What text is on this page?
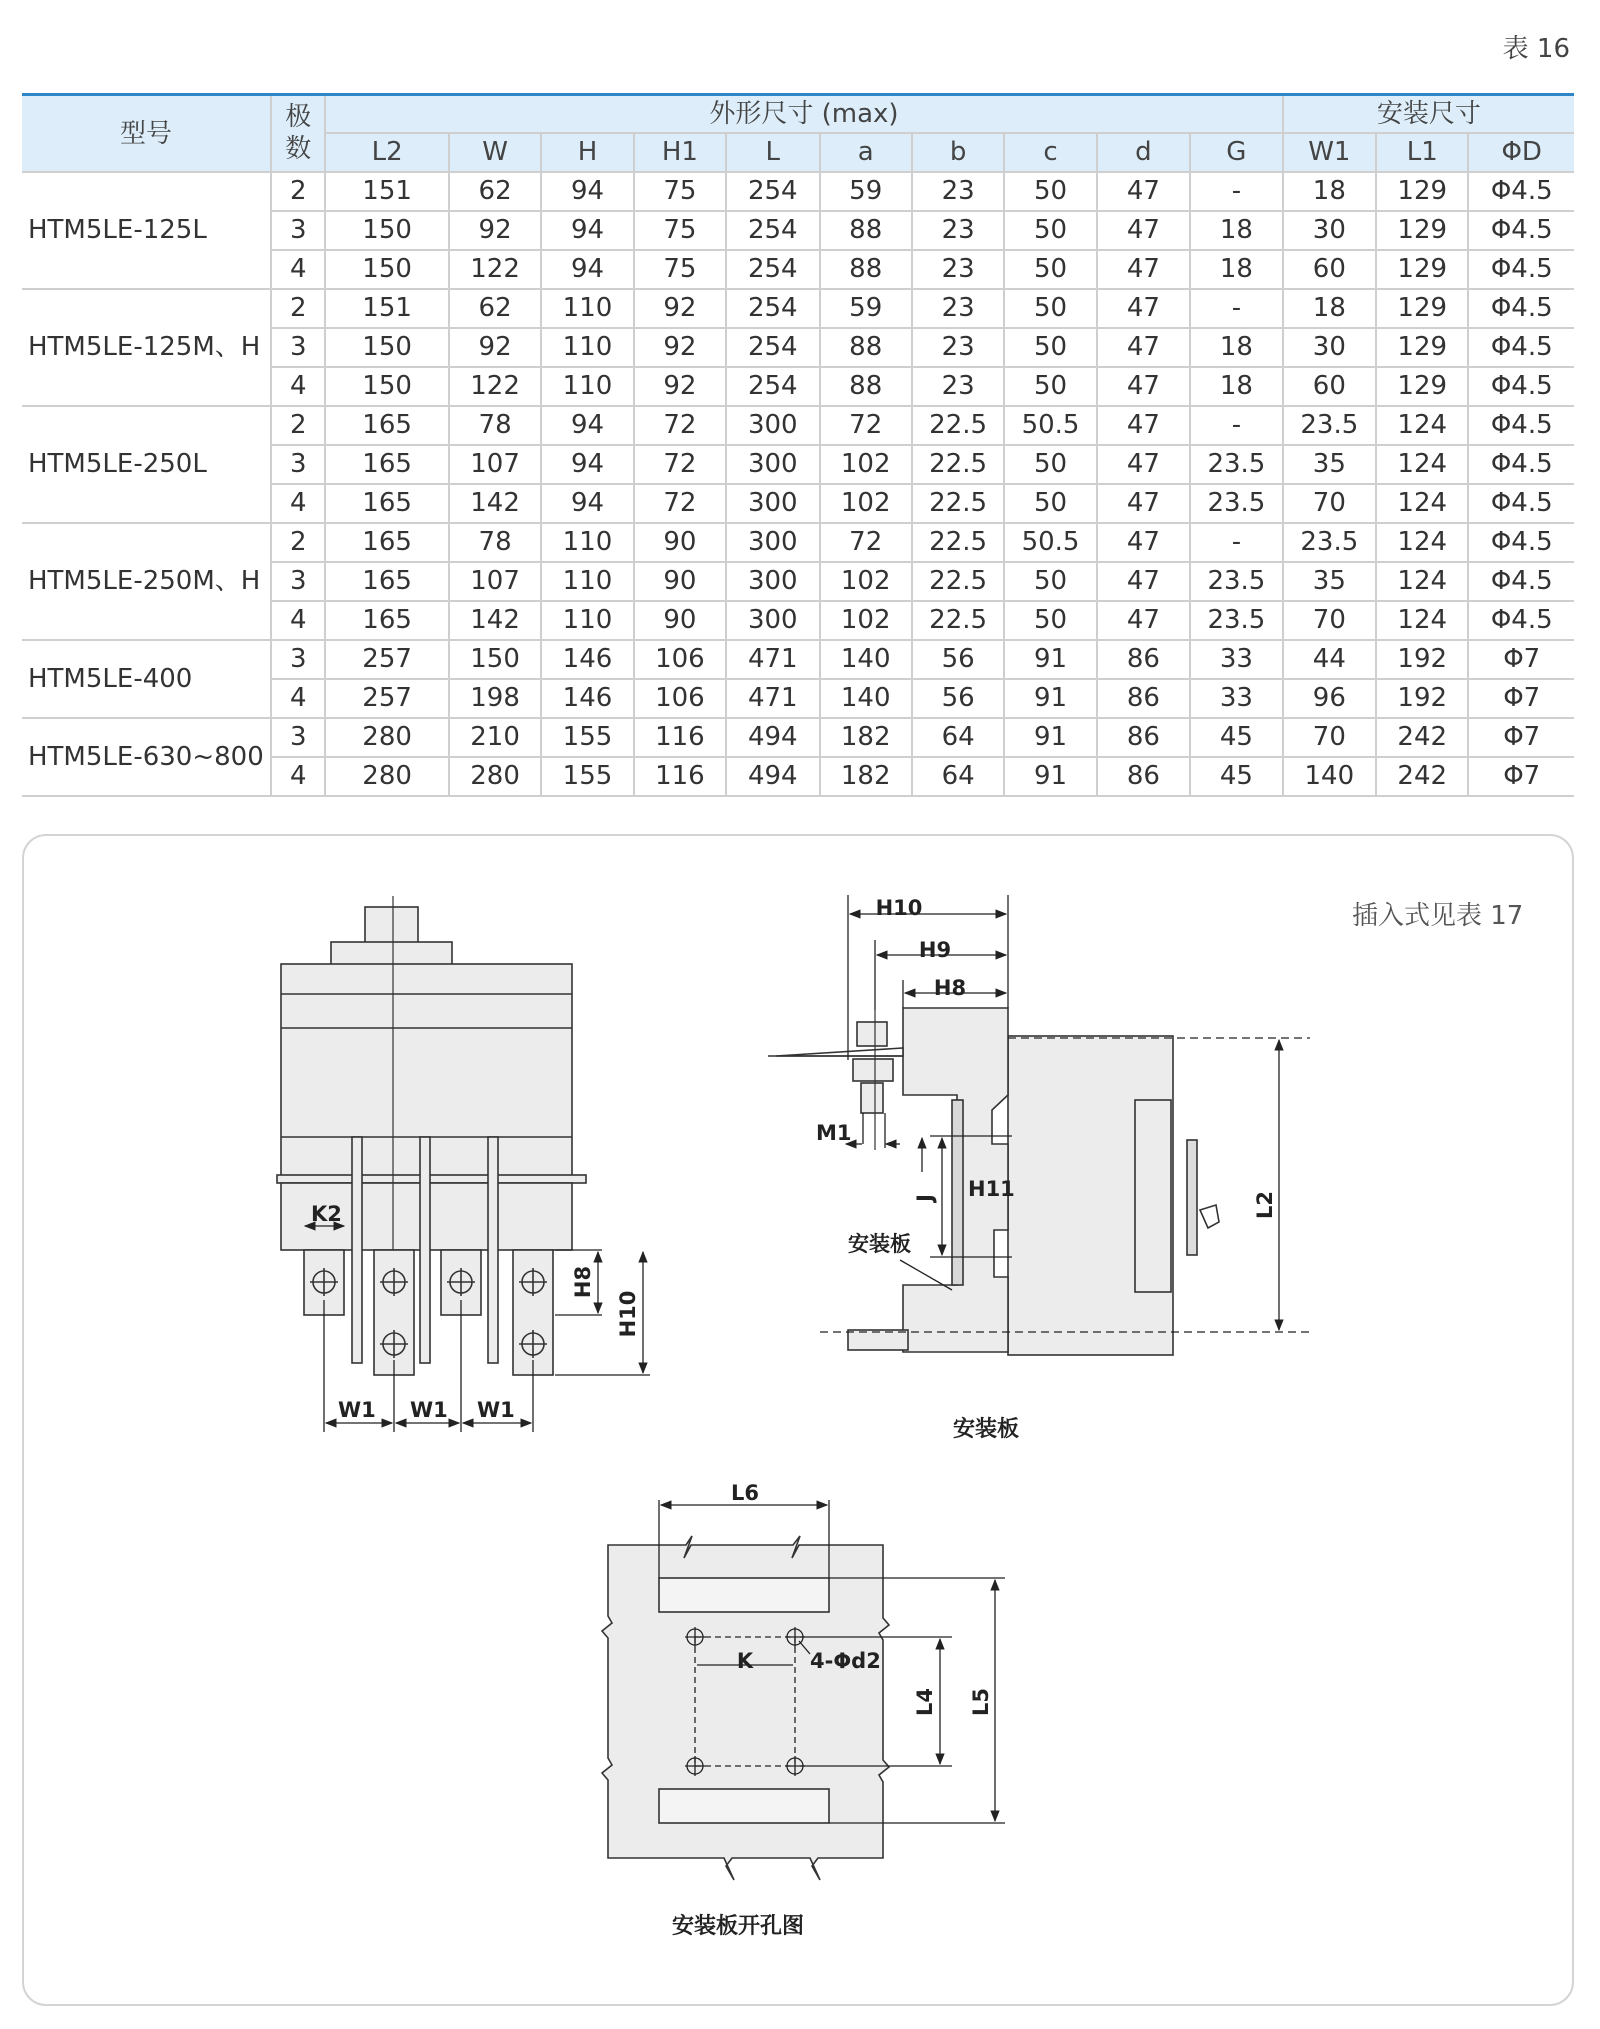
表 16
型号	极数	外形尺寸 (max)										安装尺寸		
		L2	W	H	H1	L	a	b	c	d	G	W1	L1	ΦD
HTM5LE-125L	2	151	62	94	75	254	59	23	50	47	-	18	129	Φ4.5
	3	150	92	94	75	254	88	23	50	47	18	30	129	Φ4.5
	4	150	122	94	75	254	88	23	50	47	18	60	129	Φ4.5
HTM5LE-125M、H	2	151	62	110	92	254	59	23	50	47	-	18	129	Φ4.5
	3	150	92	110	92	254	88	23	50	47	18	30	129	Φ4.5
	4	150	122	110	92	254	88	23	50	47	18	60	129	Φ4.5
HTM5LE-250L	2	165	78	94	72	300	72	22.5	50.5	47	-	23.5	124	Φ4.5
	3	165	107	94	72	300	102	22.5	50	47	23.5	35	124	Φ4.5
	4	165	142	94	72	300	102	22.5	50	47	23.5	70	124	Φ4.5
HTM5LE-250M、H	2	165	78	110	90	300	72	22.5	50.5	47	-	23.5	124	Φ4.5
	3	165	107	110	90	300	102	22.5	50	47	23.5	35	124	Φ4.5
	4	165	142	110	90	300	102	22.5	50	47	23.5	70	124	Φ4.5
HTM5LE-400	3	257	150	146	106	471	140	56	91	86	33	44	192	Φ7
	4	257	198	146	106	471	140	56	91	86	33	96	192	Φ7
HTM5LE-630~800	3	280	210	155	116	494	182	64	91	86	45	70	242	Φ7
	4	280	280	155	116	494	182	64	91	86	45	140	242	Φ7
插入式见表 17
K2
H8
H10
W1 W1 W1
H10
H9
H8
M1
J H11
L2
安装板
安装板
L6
K	4-Φd2
L4 L5
安装板开孔图
